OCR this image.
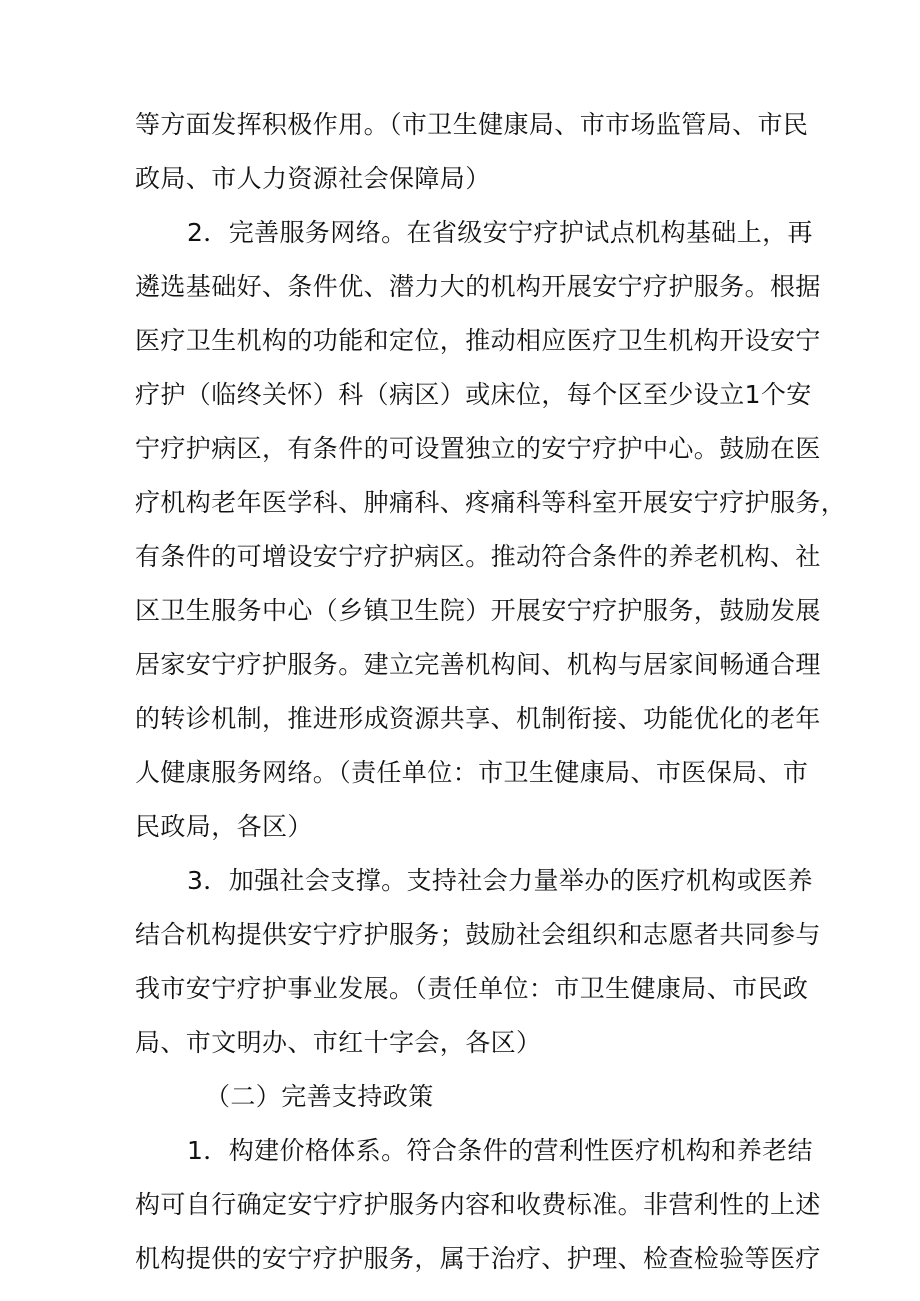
等方面发挥积极作用。（市卫生健康局、市市场监管局、市民
政局、市人力资源社会保障局）
2．完善服务网络。在省级安宁疗护试点机构基础上，再
遴选基础好、条件优、潜力大的机构开展安宁疗护服务。根据
医疗卫生机构的功能和定位，推动相应医疗卫生机构开设安宁
疗护（临终关怀）科（病区）或床位，每个区至少设立1个安
宁疗护病区，有条件的可设置独立的安宁疗护中心。鼓励在医
疗机构老年医学科、肿痛科、疼痛科等科室开展安宁疗护服务，
有条件的可增设安宁疗护病区。推动符合条件的养老机构、社
区卫生服务中心（乡镇卫生院）开展安宁疗护服务，鼓励发展
居家安宁疗护服务。建立完善机构间、机构与居家间畅通合理
的转诊机制，推进形成资源共享、机制衔接、功能优化的老年
人健康服务网络。（责任单位：市卫生健康局、市医保局、市
民政局，各区）
3．加强社会支撑。支持社会力量举办的医疗机构或医养
结合机构提供安宁疗护服务；鼓励社会组织和志愿者共同参与
我市安宁疗护事业发展。（责任单位：市卫生健康局、市民政
局、市文明办、市红十字会，各区）
（二）完善支持政策
1．构建价格体系。符合条件的营利性医疗机构和养老结
构可自行确定安宁疗护服务内容和收费标准。非营利性的上述
机构提供的安宁疗护服务，属于治疗、护理、检查检验等医疗
